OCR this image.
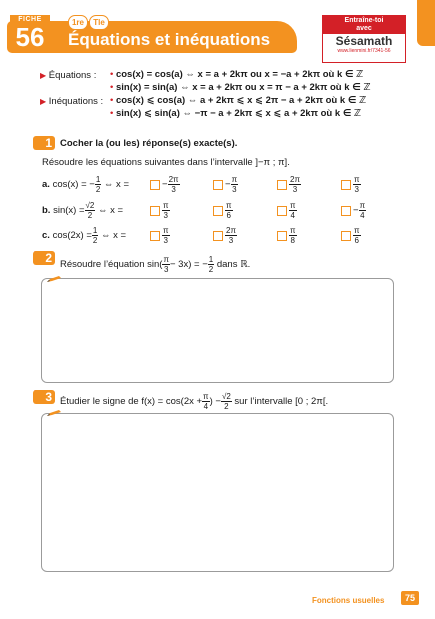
FICHE
56	1re	Tle
Équations et inéquations
Entraîne-toi
avec
Sésamath
www.lienmini.fr/7341-56
▶ Équations : • cos(x) = cos(a) ⇔ x = a + 2kπ ou x = −a + 2kπ où k ∈ ℤ
• sin(x) = sin(a) ⇔ x = a + 2kπ ou x = π − a + 2kπ où k ∈ ℤ
▶ Inéquations : • cos(x) ⩽ cos(a) ⇔ a + 2kπ ⩽ x ⩽ 2π − a + 2kπ où k ∈ ℤ
• sin(x) ⩽ sin(a) ⇔ −π − a + 2kπ ⩽ x ⩽ a + 2kπ où k ∈ ℤ
1 Cocher la (ou les) réponse(s) exacte(s).
Résoudre les équations suivantes dans l’intervalle ]−π ; π].
a. cos(x) = − $\frac{1}{2}$ ⇔ x =	− $\frac{2\pi}{3}$	− $\frac{\pi}{3}$	$\frac{2\pi}{3}$	$\frac{\pi}{3}$
b. $\sin(x) = \frac{√2}{2}$ ⇔ x =	$\frac{\pi}{3}$	$\frac{\pi}{6}$	$\frac{\pi}{4}$	− $\frac{\pi}{4}$
c. $\cos(2x) = \frac{1}{2}$ ⇔ x =	$\frac{\pi}{3}$	$\frac{2\pi}{3}$	$\frac{\pi}{8}$	$\frac{\pi}{6}$

2 Résoudre l’équation $\sin( \frac{\pi}{3} - 3x)$ = − $\frac{1}{2}$ dans ℝ.

3 Étudier le signe de $f(x) = \cos(2x + \frac{\pi}{4}$ ) − $\frac{√2}{2}$ sur l’intervalle [0 ; 2π[.
Fonctions usuelles	75
